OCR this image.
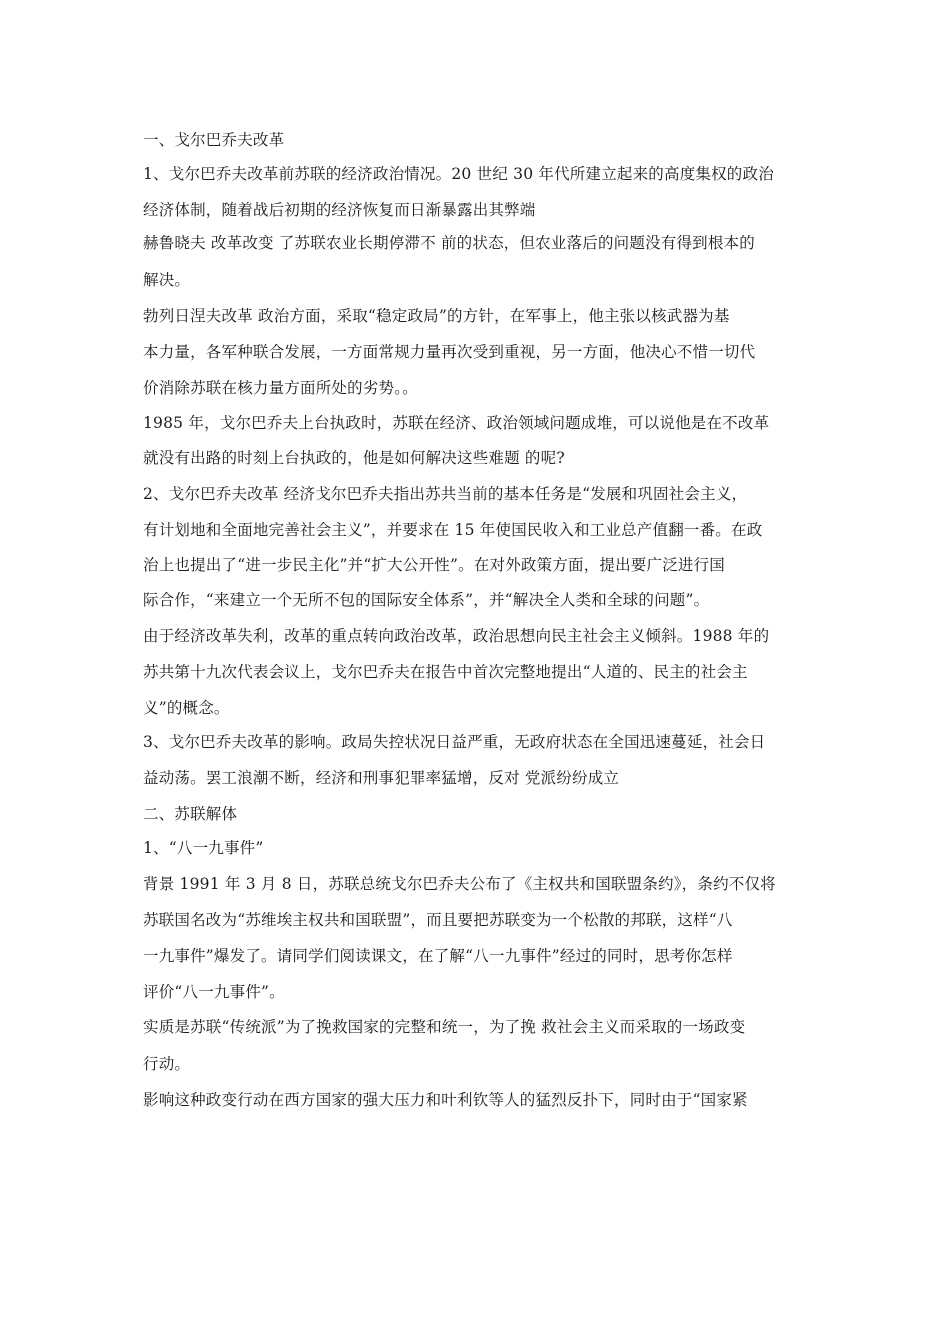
一、戈尔巴乔夫改革
1、戈尔巴乔夫改革前苏联的经济政治情况。20 世纪 30 年代所建立起来的高度集权的政治
经济体制，随着战后初期的经济恢复而日渐暴露出其弊端
赫鲁晓夫 改革改变 了苏联农业长期停滞不 前的状态，但农业落后的问题没有得到根本的
解决。
勃列日涅夫改革 政治方面，采取“稳定政局”的方针，在军事上，他主张以核武器为基
本力量，各军种联合发展，一方面常规力量再次受到重视，另一方面，他决心不惜一切代
价消除苏联在核力量方面所处的劣势。。
1985 年，戈尔巴乔夫上台执政时，苏联在经济、政治领域问题成堆，可以说他是在不改革
就没有出路的时刻上台执政的，他是如何解决这些难题 的呢?
2、戈尔巴乔夫改革 经济戈尔巴乔夫指出苏共当前的基本任务是“发展和巩固社会主义，
有计划地和全面地完善社会主义”，并要求在 15 年使国民收入和工业总产值翻一番。在政
治上也提出了“进一步民主化”并“扩大公开性”。在对外政策方面，提出要广泛进行国
际合作，“来建立一个无所不包的国际安全体系”，并“解决全人类和全球的问题”。
由于经济改革失利，改革的重点转向政治改革，政治思想向民主社会主义倾斜。1988 年的
苏共第十九次代表会议上，戈尔巴乔夫在报告中首次完整地提出“人道的、民主的社会主
义”的概念。
3、戈尔巴乔夫改革的影响。政局失控状况日益严重，无政府状态在全国迅速蔓延，社会日
益动荡。罢工浪潮不断，经济和刑事犯罪率猛增，反对 党派纷纷成立
二、苏联解体
1、“八一九事件”
背景 1991 年 3 月 8 日，苏联总统戈尔巴乔夫公布了《主权共和国联盟条约》，条约不仅将
苏联国名改为“苏维埃主权共和国联盟”，而且要把苏联变为一个松散的邦联，这样“八
一九事件”爆发了。请同学们阅读课文，在了解“八一九事件”经过的同时，思考你怎样
评价“八一九事件”。
实质是苏联“传统派”为了挽救国家的完整和统一，为了挽 救社会主义而采取的一场政变
行动。
影响这种政变行动在西方国家的强大压力和叶利钦等人的猛烈反扑下，同时由于“国家紧
